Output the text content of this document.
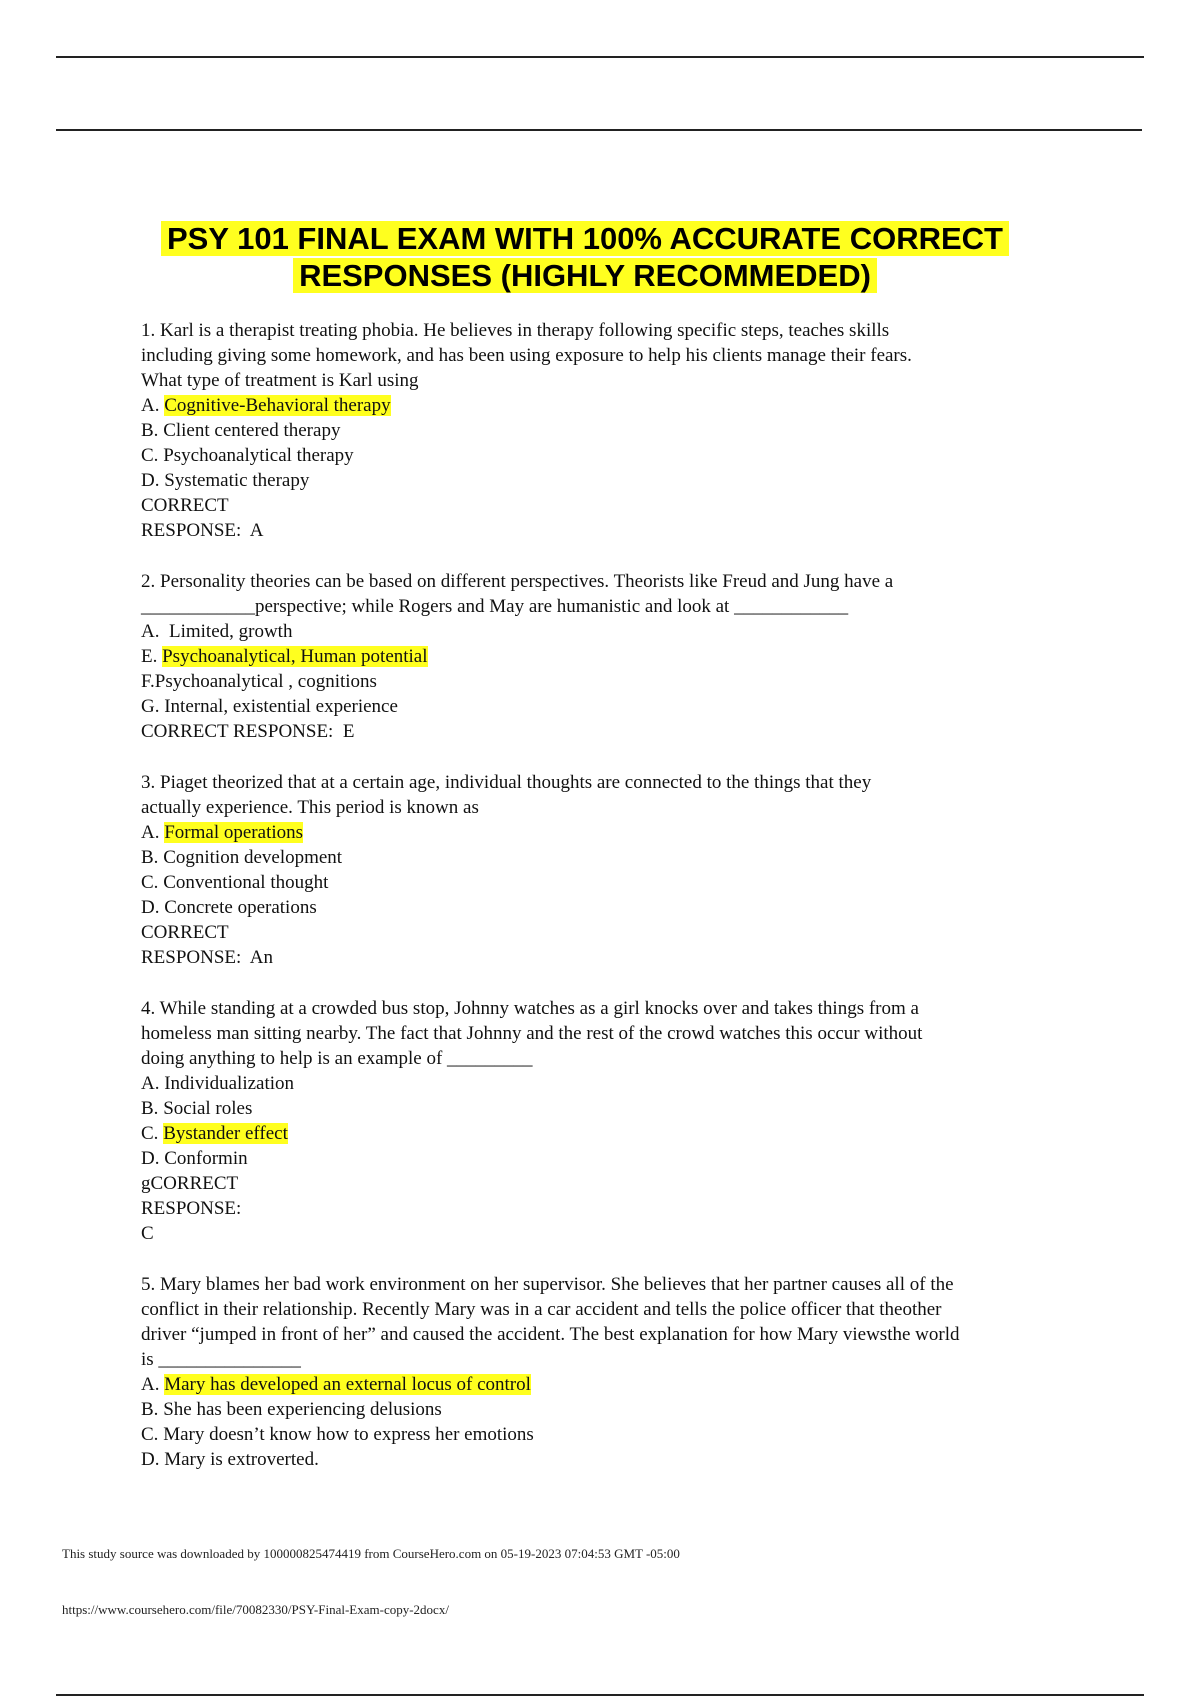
PSY 101 FINAL EXAM WITH 100% ACCURATE CORRECT
RESPONSES (HIGHLY RECOMMEDED)
1. Karl is a therapist treating phobia. He believes in therapy following specific steps, teaches skills
including giving some homework, and has been using exposure to help his clients manage their fears.
What type of treatment is Karl using
A. Cognitive-Behavioral therapy
B. Client centered therapy
C. Psychoanalytical therapy
D. Systematic therapy
CORRECT
RESPONSE:  A
2. Personality theories can be based on different perspectives. Theorists like Freud and Jung have a
____________perspective; while Rogers and May are humanistic and look at ____________
A.  Limited, growth
E. Psychoanalytical, Human potential
F.Psychoanalytical , cognitions
G. Internal, existential experience
CORRECT RESPONSE:  E
3. Piaget theorized that at a certain age, individual thoughts are connected to the things that they
actually experience. This period is known as
A. Formal operations
B. Cognition development
C. Conventional thought
D. Concrete operations
CORRECT
RESPONSE:  An
4. While standing at a crowded bus stop, Johnny watches as a girl knocks over and takes things from a
homeless man sitting nearby. The fact that Johnny and the rest of the crowd watches this occur without
doing anything to help is an example of _________
A. Individualization
B. Social roles
C. Bystander effect
D. Conformin
gCORRECT
RESPONSE:
C
5. Mary blames her bad work environment on her supervisor. She believes that her partner causes all of the
conflict in their relationship. Recently Mary was in a car accident and tells the police officer that theother
driver “jumped in front of her” and caused the accident. The best explanation for how Mary viewsthe world
is _______________
A. Mary has developed an external locus of control
B. She has been experiencing delusions
C. Mary doesn’t know how to express her emotions
D. Mary is extroverted.
This study source was downloaded by 100000825474419 from CourseHero.com on 05-19-2023 07:04:53 GMT -05:00
https://www.coursehero.com/file/70082330/PSY-Final-Exam-copy-2docx/
